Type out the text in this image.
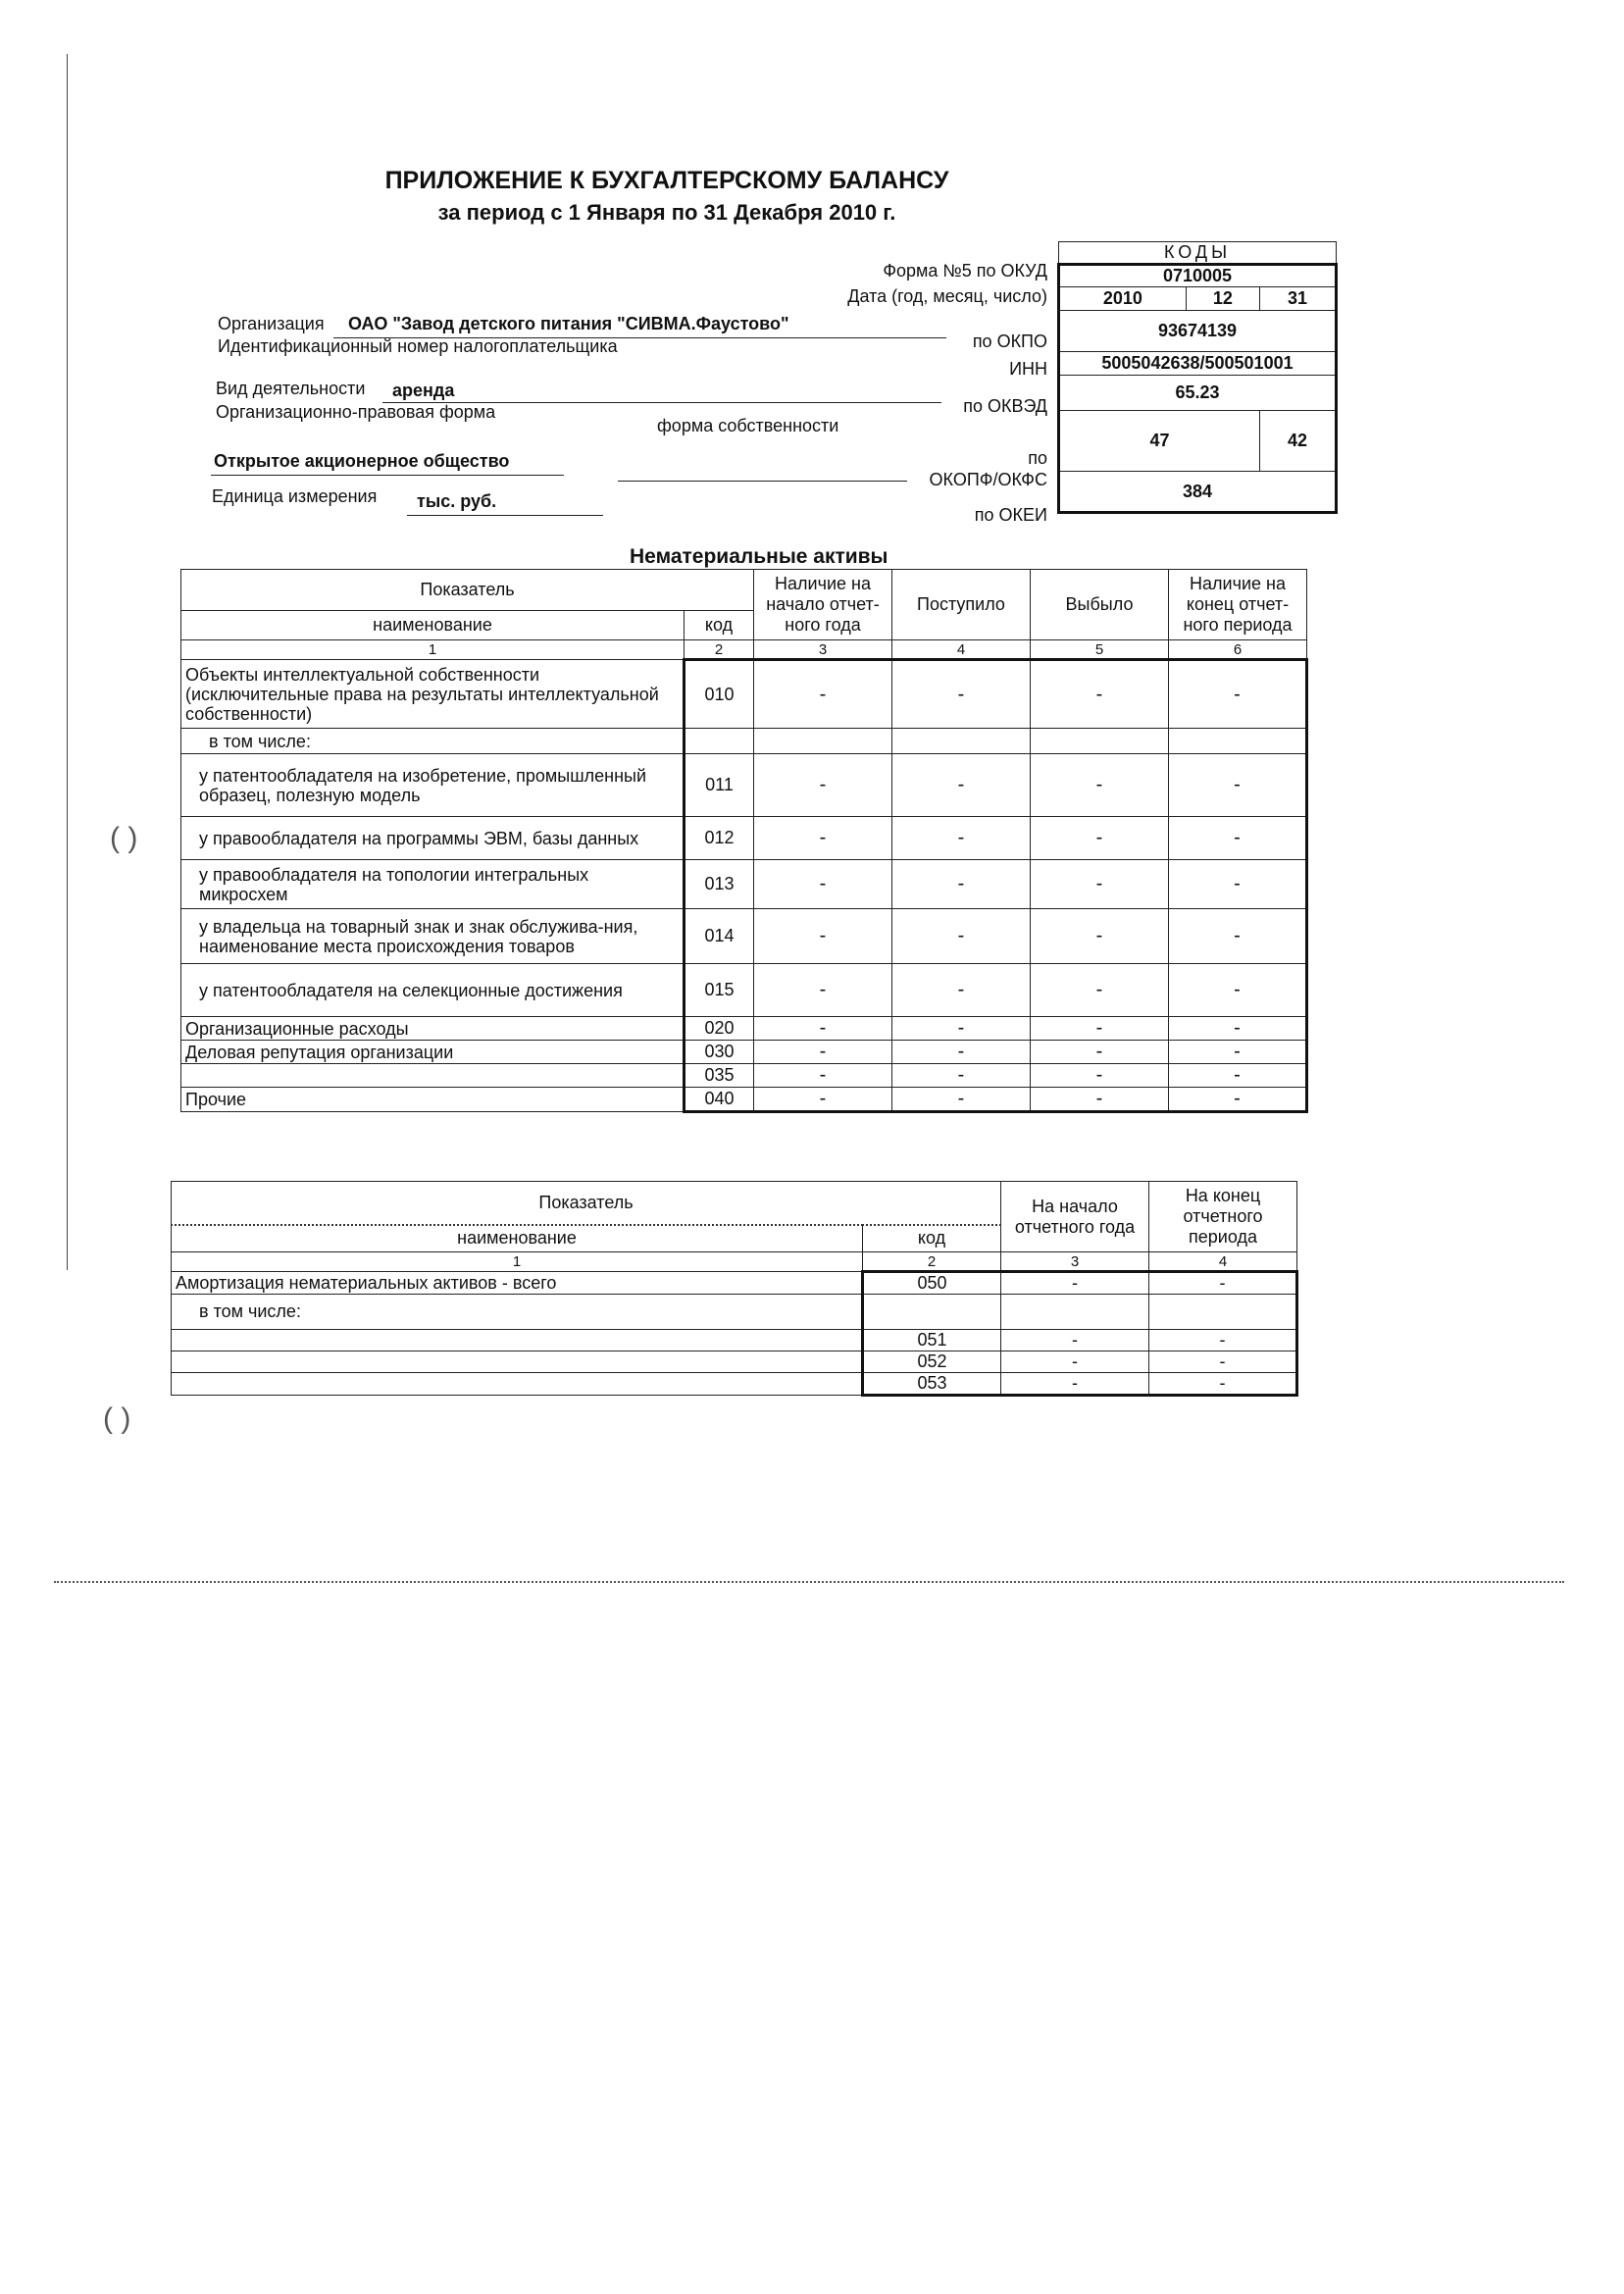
( )
( )
ПРИЛОЖЕНИЕ К БУХГАЛТЕРСКОМУ БАЛАНСУ
за период с 1 Января по 31 Декабря 2010 г.
КОДЫ		
0710005		
2010	12	31
93674139		
5005042638/500501001		
65.23		
47		42
384		
Форма №5 по ОКУД
Дата (год, месяц, число)
по ОКПО
ИНН
по ОКВЭД
по
ОКОПФ/ОКФС
по ОКЕИ
Организация ОАО "Завод детского питания "СИВМА.Фаустово"
Идентификационный номер налогоплательщика
Вид деятельности аренда
Организационно-правовая форма
форма собственности
Открытое акционерное общество
Единица измерения тыс. руб.
Нематериальные активы
Показатель		Наличие на начало отчет-ного года	Поступило	Выбыло	Наличие на конец отчет-ного периода
наименование	код				
1	2	3	4	5	6
Объекты интеллектуальной собственности (исключительные права на результаты интеллектуальной собственности)	010	-	-	-	-
в том числе:					
у патентообладателя на изобретение, промышленный образец, полезную модель	011	-	-	-	-
у правообладателя на программы ЭВМ, базы данных	012	-	-	-	-
у правообладателя на топологии интегральных микросхем	013	-	-	-	-
у владельца на товарный знак и знак обслужива-ния, наименование места происхождения товаров	014	-	-	-	-
у патентообладателя на селекционные достижения	015	-	-	-	-
Организационные расходы	020	-	-	-	-
Деловая репутация организации	030	-	-	-	-
	035	-	-	-	-
Прочие	040	-	-	-	-
Показатель		На начало отчетного года	На конец отчетного периода
наименование	код		
1	2	3	4
Амортизация нематериальных активов - всего	050	-	-
в том числе:			
	051	-	-
	052	-	-
	053	-	-
